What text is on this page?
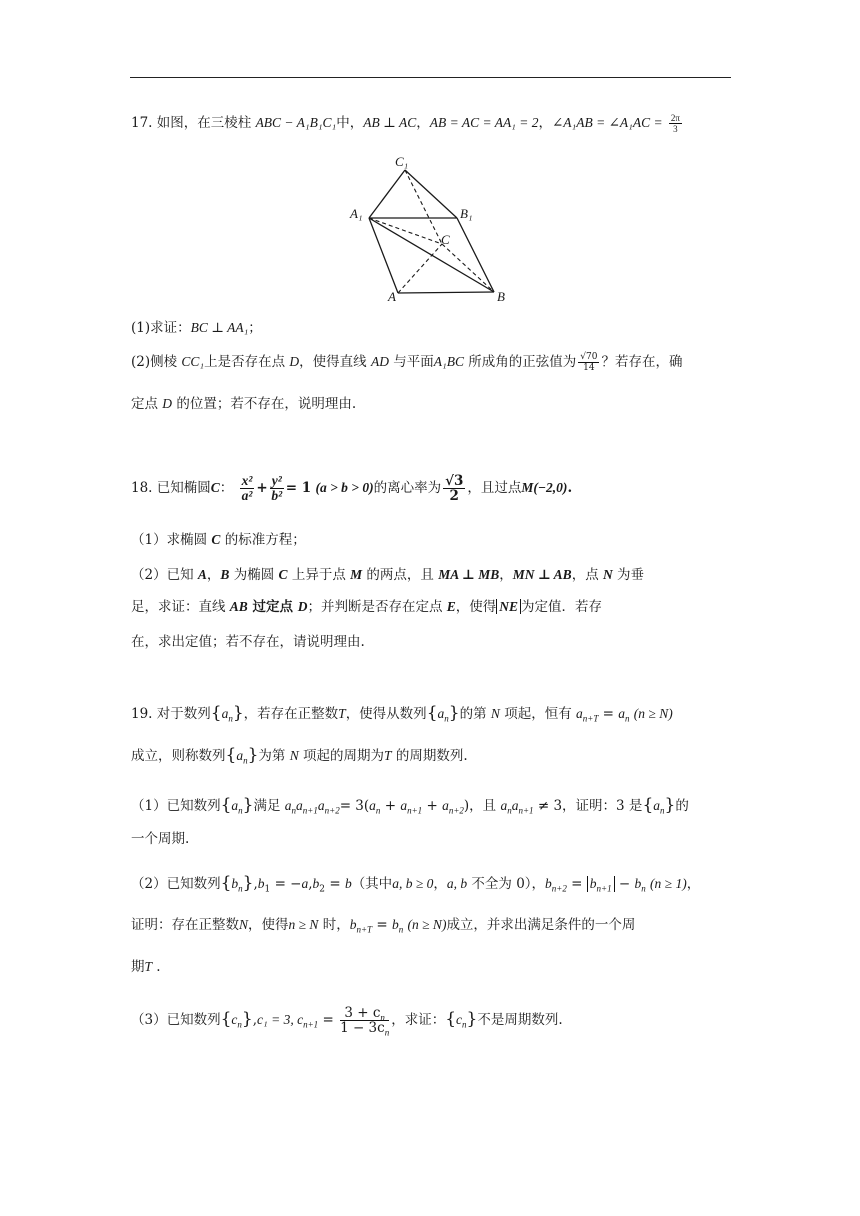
17. 如图，在三棱柱 ABC − A₁B₁C₁中，AB ⊥ AC，AB = AC = AA₁ = 2，∠A₁AB = ∠A₁AC = $\frac{2\pi}{3}$
C₁
A₁	B₁
C
A	B
(1)求证：BC ⊥ AA₁；
(2)侧棱 CC₁上是否存在点 D，使得直线 AD 与平面A₁BC 所成角的正弦值为 $\frac{√70}{14}$ ？若存在，确
定点 D 的位置；若不存在，说明理由.
18. 已知椭圆C： $\frac{\text{x²}}{\text{a²}} + \frac{\text{y²}}{\text{b²}} = 1$ (a > b > 0)的离心率为 $\frac{√3}{2}$ ，且过点M(−2,0).
（1）求椭圆 C 的标准方程；
（2）已知 A，B 为椭圆 C 上异于点 M 的两点，且 MA ⊥ MB，MN ⊥ AB，点 N 为垂
足，求证：直线 AB 过定点 D；并判断是否存在定点 E，使得 NE 为定值．若存
在，求出定值；若不存在，请说明理由.
19. 对于数列$\{a_n\}$，若存在正整数T，使得从数列$\{a_n\}$的第 N 项起，恒有 $a_{n+T} = a_n$ (n ≥ N)
成立，则称数列$\{a_n\}$为第 N 项起的周期为T 的周期数列.
（1）已知数列$\{a_n\}$满足 $a_na_{n+1}a_{n+2}= 3(a_n + a_{n+1} + a_{n+2})$，且 $a_na_{n+1} \ne 3$，证明：3 是$\{a_n\}$的
一个周期.
（2）已知数列$\{b_n\},b_1 = -a,b_2 = b$（其中a, b ≥ 0，a, b 不全为 0），$b_{n+2} = b_{n+1} - b_n$ (n ≥ 1)，
证明：存在正整数N，使得n ≥ N 时，$b_{n+T} = b_n$ (n ≥ N)成立，并求出满足条件的一个周
期T .
（3）已知数列$\{c_n\},c_1 = 3$, $c_{n+1} = \frac{3 + c_n}{1 - 3c_n}$ ，求证：$\{c_n\}$不是周期数列.
